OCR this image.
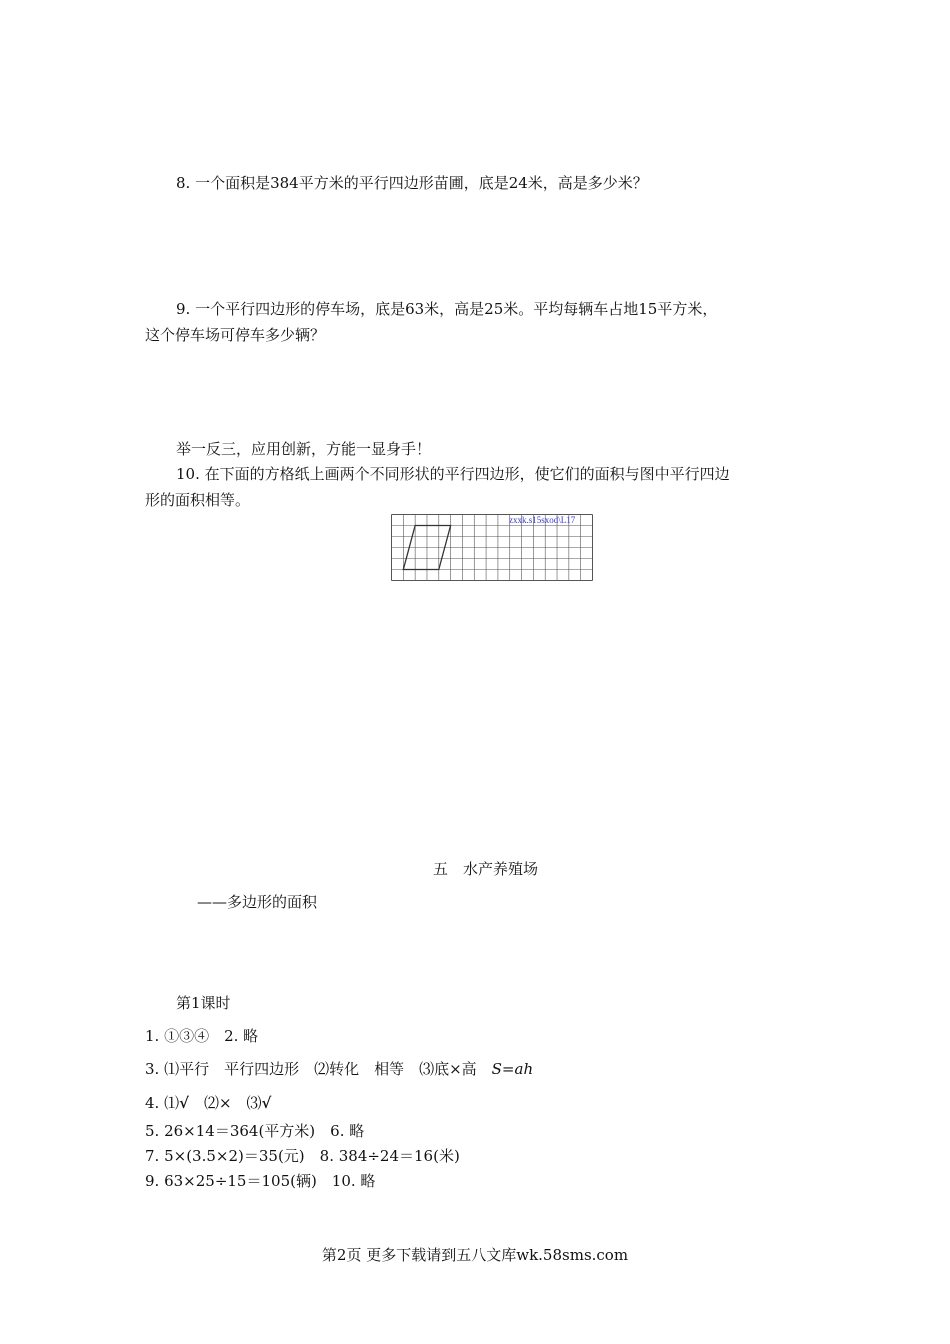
8. 一个面积是384平方米的平行四边形苗圃，底是24米，高是多少米？
9. 一个平行四边形的停车场，底是63米，高是25米。平均每辆车占地15平方米，
这个停车场可停车多少辆？
举一反三，应用创新，方能一显身手！
10. 在下面的方格纸上画两个不同形状的平行四边形，使它们的面积与图中平行四边
形的面积相等。
zxxk.s15sxod\L17
五　水产养殖场
——多边形的面积
第1课时
1. ①③④　2. 略
3. ⑴平行　平行四边形　⑵转化　相等　⑶底×高　S=ah
4. ⑴√　⑵×　⑶√
5. 26×14＝364(平方米)　6. 略
7. 5×(3.5×2)＝35(元)　8. 384÷24＝16(米)
9. 63×25÷15＝105(辆)　10. 略
第2页 更多下载请到五八文库wk.58sms.com
